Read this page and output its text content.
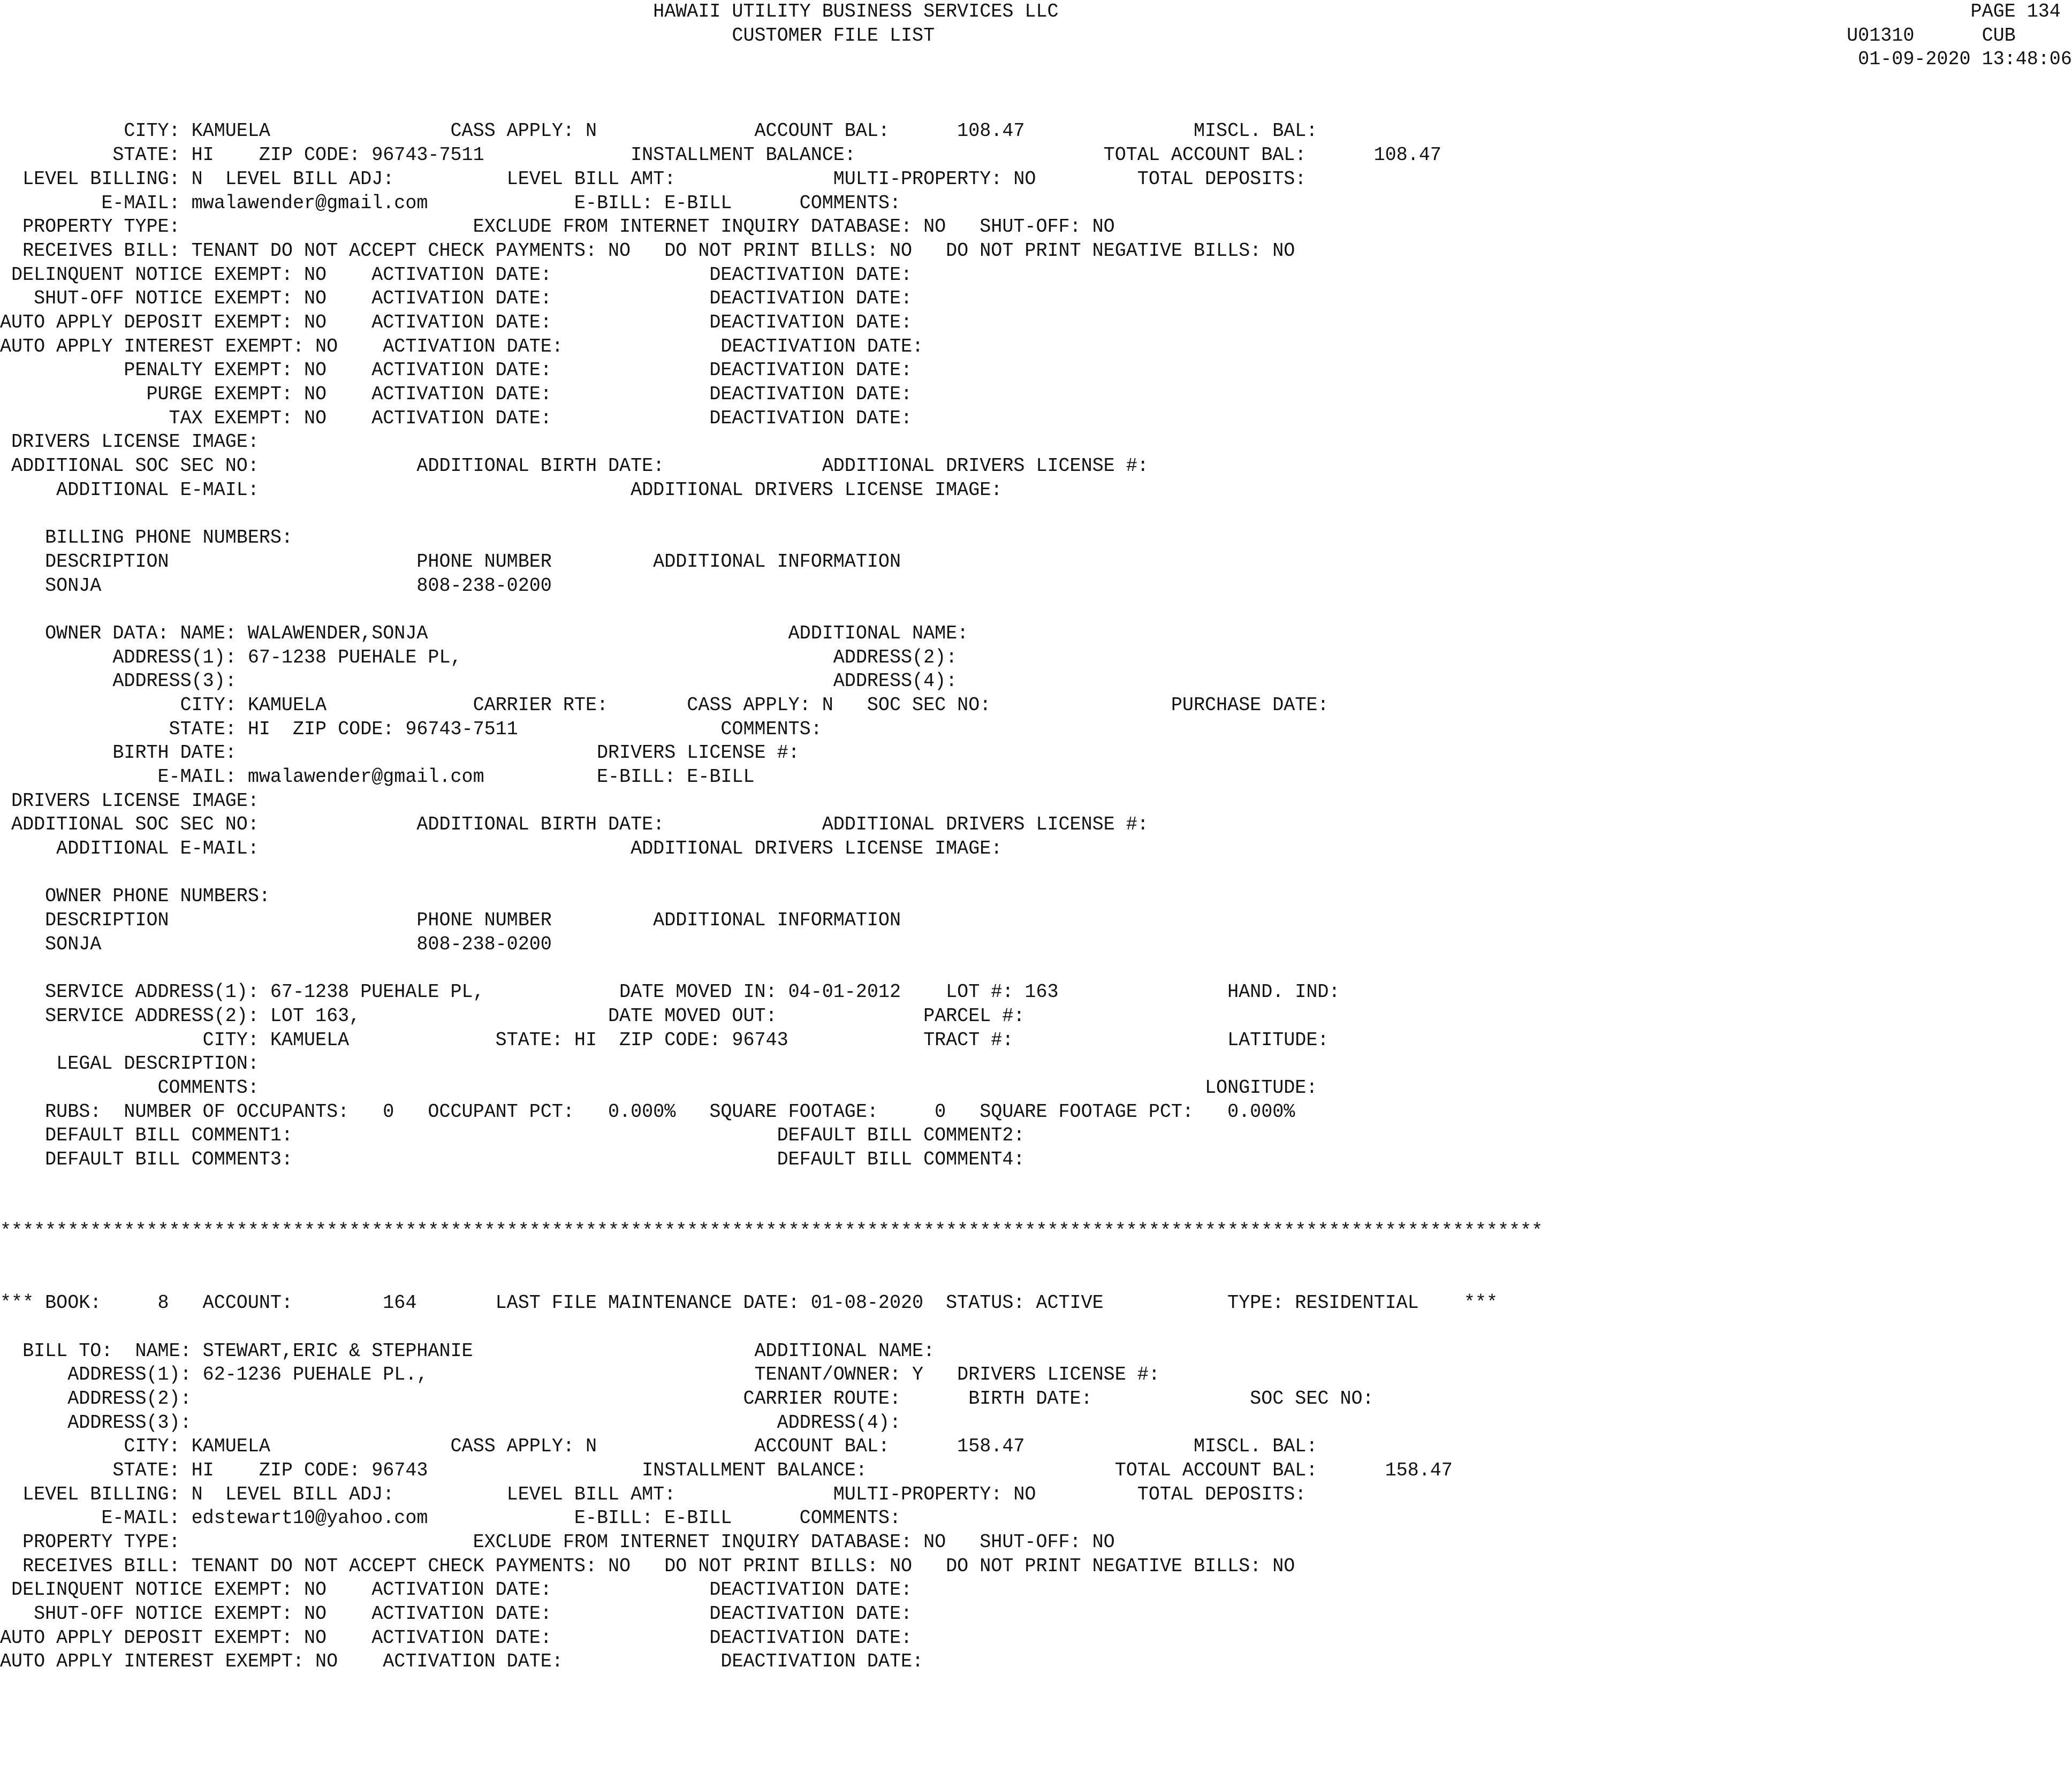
HAWAII UTILITY BUSINESS SERVICES LLC                                                                                 PAGE 134
CUSTOMER FILE LIST                                                                                 U01310      CUB
01-09-2020 13:48:06

CITY: KAMUELA                CASS APPLY: N              ACCOUNT BAL:      108.47               MISCL. BAL:
STATE: HI    ZIP CODE: 96743-7511             INSTALLMENT BALANCE:                      TOTAL ACCOUNT BAL:      108.47
LEVEL BILLING: N  LEVEL BILL ADJ:          LEVEL BILL AMT:              MULTI-PROPERTY: NO         TOTAL DEPOSITS:
E-MAIL: mwalawender@gmail.com             E-BILL: E-BILL      COMMENTS:
PROPERTY TYPE:                          EXCLUDE FROM INTERNET INQUIRY DATABASE: NO   SHUT-OFF: NO
RECEIVES BILL: TENANT DO NOT ACCEPT CHECK PAYMENTS: NO   DO NOT PRINT BILLS: NO   DO NOT PRINT NEGATIVE BILLS: NO
DELINQUENT NOTICE EXEMPT: NO    ACTIVATION DATE:              DEACTIVATION DATE:
SHUT-OFF NOTICE EXEMPT: NO    ACTIVATION DATE:              DEACTIVATION DATE:
AUTO APPLY DEPOSIT EXEMPT: NO    ACTIVATION DATE:              DEACTIVATION DATE:
AUTO APPLY INTEREST EXEMPT: NO    ACTIVATION DATE:              DEACTIVATION DATE:
PENALTY EXEMPT: NO    ACTIVATION DATE:              DEACTIVATION DATE:
PURGE EXEMPT: NO    ACTIVATION DATE:              DEACTIVATION DATE:
TAX EXEMPT: NO    ACTIVATION DATE:              DEACTIVATION DATE:
DRIVERS LICENSE IMAGE:
ADDITIONAL SOC SEC NO:              ADDITIONAL BIRTH DATE:              ADDITIONAL DRIVERS LICENSE #:
ADDITIONAL E-MAIL:                                 ADDITIONAL DRIVERS LICENSE IMAGE:

BILLING PHONE NUMBERS:
DESCRIPTION                      PHONE NUMBER         ADDITIONAL INFORMATION
SONJA                            808-238-0200

OWNER DATA: NAME: WALAWENDER,SONJA                                ADDITIONAL NAME:
ADDRESS(1): 67-1238 PUEHALE PL,                                 ADDRESS(2):
ADDRESS(3):                                                     ADDRESS(4):
CITY: KAMUELA             CARRIER RTE:       CASS APPLY: N   SOC SEC NO:                PURCHASE DATE:
STATE: HI  ZIP CODE: 96743-7511                  COMMENTS:
BIRTH DATE:                                DRIVERS LICENSE #:
E-MAIL: mwalawender@gmail.com          E-BILL: E-BILL
DRIVERS LICENSE IMAGE:
ADDITIONAL SOC SEC NO:              ADDITIONAL BIRTH DATE:              ADDITIONAL DRIVERS LICENSE #:
ADDITIONAL E-MAIL:                                 ADDITIONAL DRIVERS LICENSE IMAGE:

OWNER PHONE NUMBERS:
DESCRIPTION                      PHONE NUMBER         ADDITIONAL INFORMATION
SONJA                            808-238-0200

SERVICE ADDRESS(1): 67-1238 PUEHALE PL,            DATE MOVED IN: 04-01-2012    LOT #: 163               HAND. IND:
SERVICE ADDRESS(2): LOT 163,                      DATE MOVED OUT:             PARCEL #:
CITY: KAMUELA             STATE: HI  ZIP CODE: 96743            TRACT #:                   LATITUDE:
LEGAL DESCRIPTION:
COMMENTS:                                                                                    LONGITUDE:
RUBS:  NUMBER OF OCCUPANTS:   0   OCCUPANT PCT:   0.000%   SQUARE FOOTAGE:     0   SQUARE FOOTAGE PCT:   0.000%
DEFAULT BILL COMMENT1:                                           DEFAULT BILL COMMENT2:
DEFAULT BILL COMMENT3:                                           DEFAULT BILL COMMENT4:

*****************************************************************************************************************************************

*** BOOK:     8   ACCOUNT:        164       LAST FILE MAINTENANCE DATE: 01-08-2020  STATUS: ACTIVE           TYPE: RESIDENTIAL    ***

BILL TO:  NAME: STEWART,ERIC & STEPHANIE                         ADDITIONAL NAME:
ADDRESS(1): 62-1236 PUEHALE PL.,                             TENANT/OWNER: Y   DRIVERS LICENSE #:
ADDRESS(2):                                                 CARRIER ROUTE:      BIRTH DATE:              SOC SEC NO:
ADDRESS(3):                                                    ADDRESS(4):
CITY: KAMUELA                CASS APPLY: N              ACCOUNT BAL:      158.47               MISCL. BAL:
STATE: HI    ZIP CODE: 96743                   INSTALLMENT BALANCE:                      TOTAL ACCOUNT BAL:      158.47
LEVEL BILLING: N  LEVEL BILL ADJ:          LEVEL BILL AMT:              MULTI-PROPERTY: NO         TOTAL DEPOSITS:
E-MAIL: edstewart10@yahoo.com             E-BILL: E-BILL      COMMENTS:
PROPERTY TYPE:                          EXCLUDE FROM INTERNET INQUIRY DATABASE: NO   SHUT-OFF: NO
RECEIVES BILL: TENANT DO NOT ACCEPT CHECK PAYMENTS: NO   DO NOT PRINT BILLS: NO   DO NOT PRINT NEGATIVE BILLS: NO
DELINQUENT NOTICE EXEMPT: NO    ACTIVATION DATE:              DEACTIVATION DATE:
SHUT-OFF NOTICE EXEMPT: NO    ACTIVATION DATE:              DEACTIVATION DATE:
AUTO APPLY DEPOSIT EXEMPT: NO    ACTIVATION DATE:              DEACTIVATION DATE:
AUTO APPLY INTEREST EXEMPT: NO    ACTIVATION DATE:              DEACTIVATION DATE:
